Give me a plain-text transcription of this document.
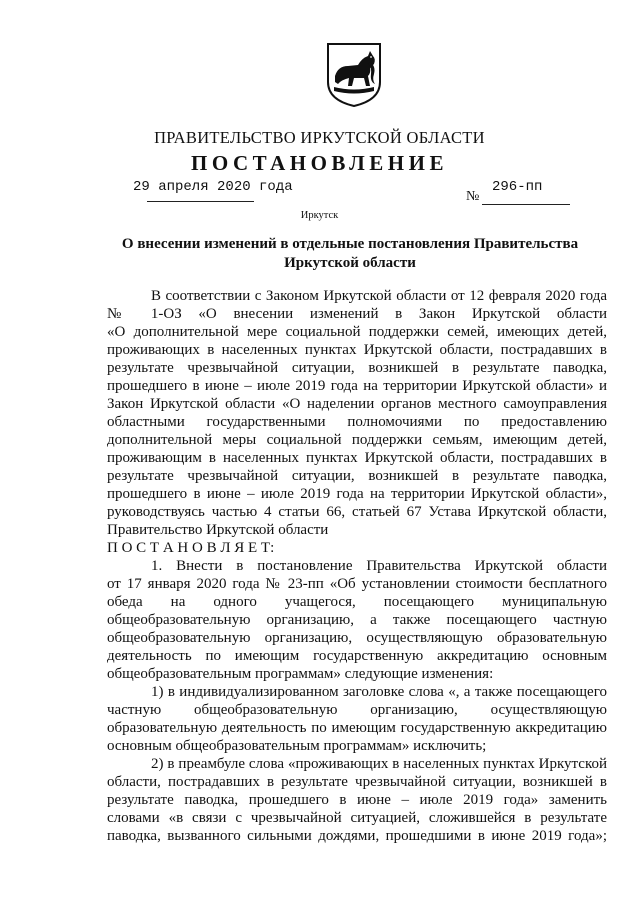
ПРАВИТЕЛЬСТВО ИРКУТСКОЙ ОБЛАСТИ
ПОСТАНОВЛЕНИЕ
29 апреля 2020 года
№
296-пп
Иркутск
О внесении изменений в отдельные постановления Правительства
Иркутской области
В соответствии с Законом Иркутской области от 12 февраля 2020 года
№ 1-ОЗ «О внесении изменений в Закон Иркутской области
«О дополнительной мере социальной поддержки семей, имеющих детей,
проживающих в населенных пунктах Иркутской области, пострадавших в
результате чрезвычайной ситуации, возникшей в результате паводка,
прошедшего в июне – июле 2019 года на территории Иркутской области» и
Закон Иркутской области «О наделении органов местного самоуправления
областными государственными полномочиями по предоставлению
дополнительной меры социальной поддержки семьям, имеющим детей,
проживающим в населенных пунктах Иркутской области, пострадавших в
результате чрезвычайной ситуации, возникшей в результате паводка,
прошедшего в июне – июле 2019 года на территории Иркутской области»,
руководствуясь частью 4 статьи 66, статьей 67 Устава Иркутской области,
Правительство Иркутской области
П О С Т А Н О В Л Я Е Т:
1. Внести в постановление Правительства Иркутской области
от 17 января 2020 года № 23-пп «Об установлении стоимости бесплатного
обеда на одного учащегося, посещающего муниципальную
общеобразовательную организацию, а также посещающего частную
общеобразовательную организацию, осуществляющую образовательную
деятельность по имеющим государственную аккредитацию основным
общеобразовательным программам» следующие изменения:
1) в индивидуализированном заголовке слова «, а также посещающего
частную общеобразовательную организацию, осуществляющую
образовательную деятельность по имеющим государственную аккредитацию
основным общеобразовательным программам» исключить;
2) в преамбуле слова «проживающих в населенных пунктах Иркутской
области, пострадавших в результате чрезвычайной ситуации, возникшей в
результате паводка, прошедшего в июне – июле 2019 года» заменить
словами «в связи с чрезвычайной ситуацией, сложившейся в результате
паводка, вызванного сильными дождями, прошедшими в июне 2019 года»;
